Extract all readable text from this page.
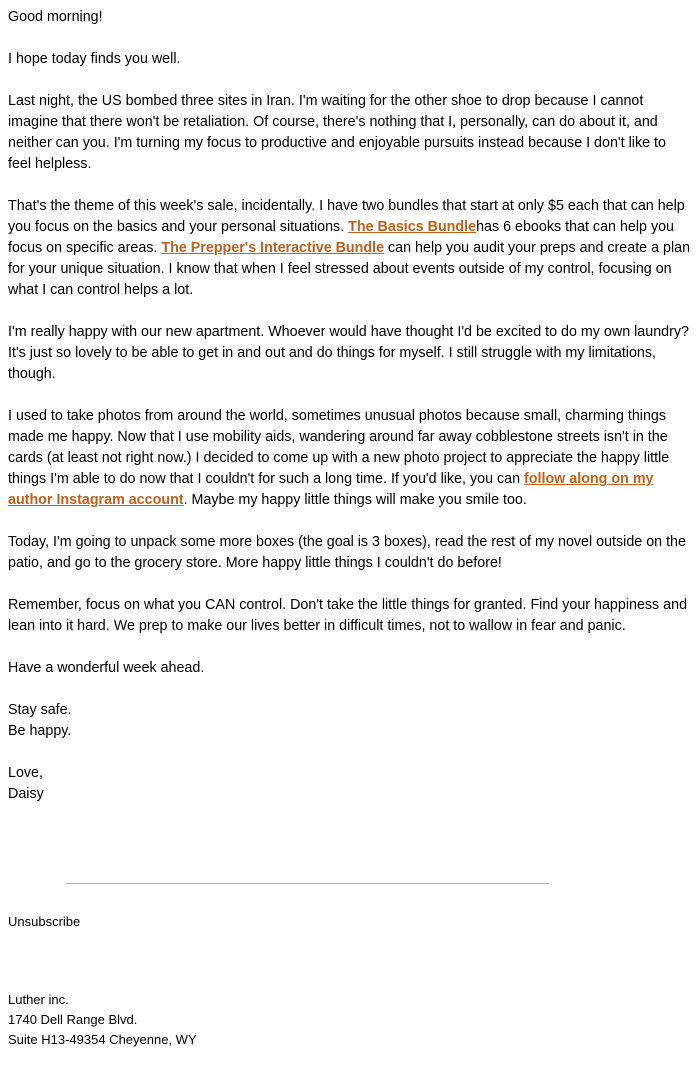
Good morning!

I hope today finds you well.

Last night, the US bombed three sites in Iran. I'm waiting for the other shoe to drop because I cannot imagine that there won't be retaliation. Of course, there's nothing that I, personally, can do about it, and neither can you. I'm turning my focus to productive and enjoyable pursuits instead because I don't like to feel helpless.

That's the theme of this week's sale, incidentally. I have two bundles that start at only $5 each that can help you focus on the basics and your personal situations. The Basics Bundlehas 6 ebooks that can help you focus on specific areas. The Prepper's Interactive Bundle can help you audit your preps and create a plan for your unique situation. I know that when I feel stressed about events outside of my control, focusing on what I can control helps a lot.

I'm really happy with our new apartment. Whoever would have thought I'd be excited to do my own laundry? It's just so lovely to be able to get in and out and do things for myself. I still struggle with my limitations, though.

I used to take photos from around the world, sometimes unusual photos because small, charming things made me happy. Now that I use mobility aids, wandering around far away cobblestone streets isn't in the cards (at least not right now.) I decided to come up with a new photo project to appreciate the happy little things I'm able to do now that I couldn't for such a long time. If you'd like, you can follow along on my author Instagram account. Maybe my happy little things will make you smile too.

Today, I'm going to unpack some more boxes (the goal is 3 boxes), read the rest of my novel outside on the patio, and go to the grocery store. More happy little things I couldn't do before!

Remember, focus on what you CAN control. Don't take the little things for granted. Find your happiness and lean into it hard. We prep to make our lives better in difficult times, not to wallow in fear and panic.

Have a wonderful week ahead.

Stay safe.
Be happy.

Love,
Daisy

Unsubscribe
Luther inc.
1740 Dell Range Blvd.
Suite H13-49354 Cheyenne, WY
